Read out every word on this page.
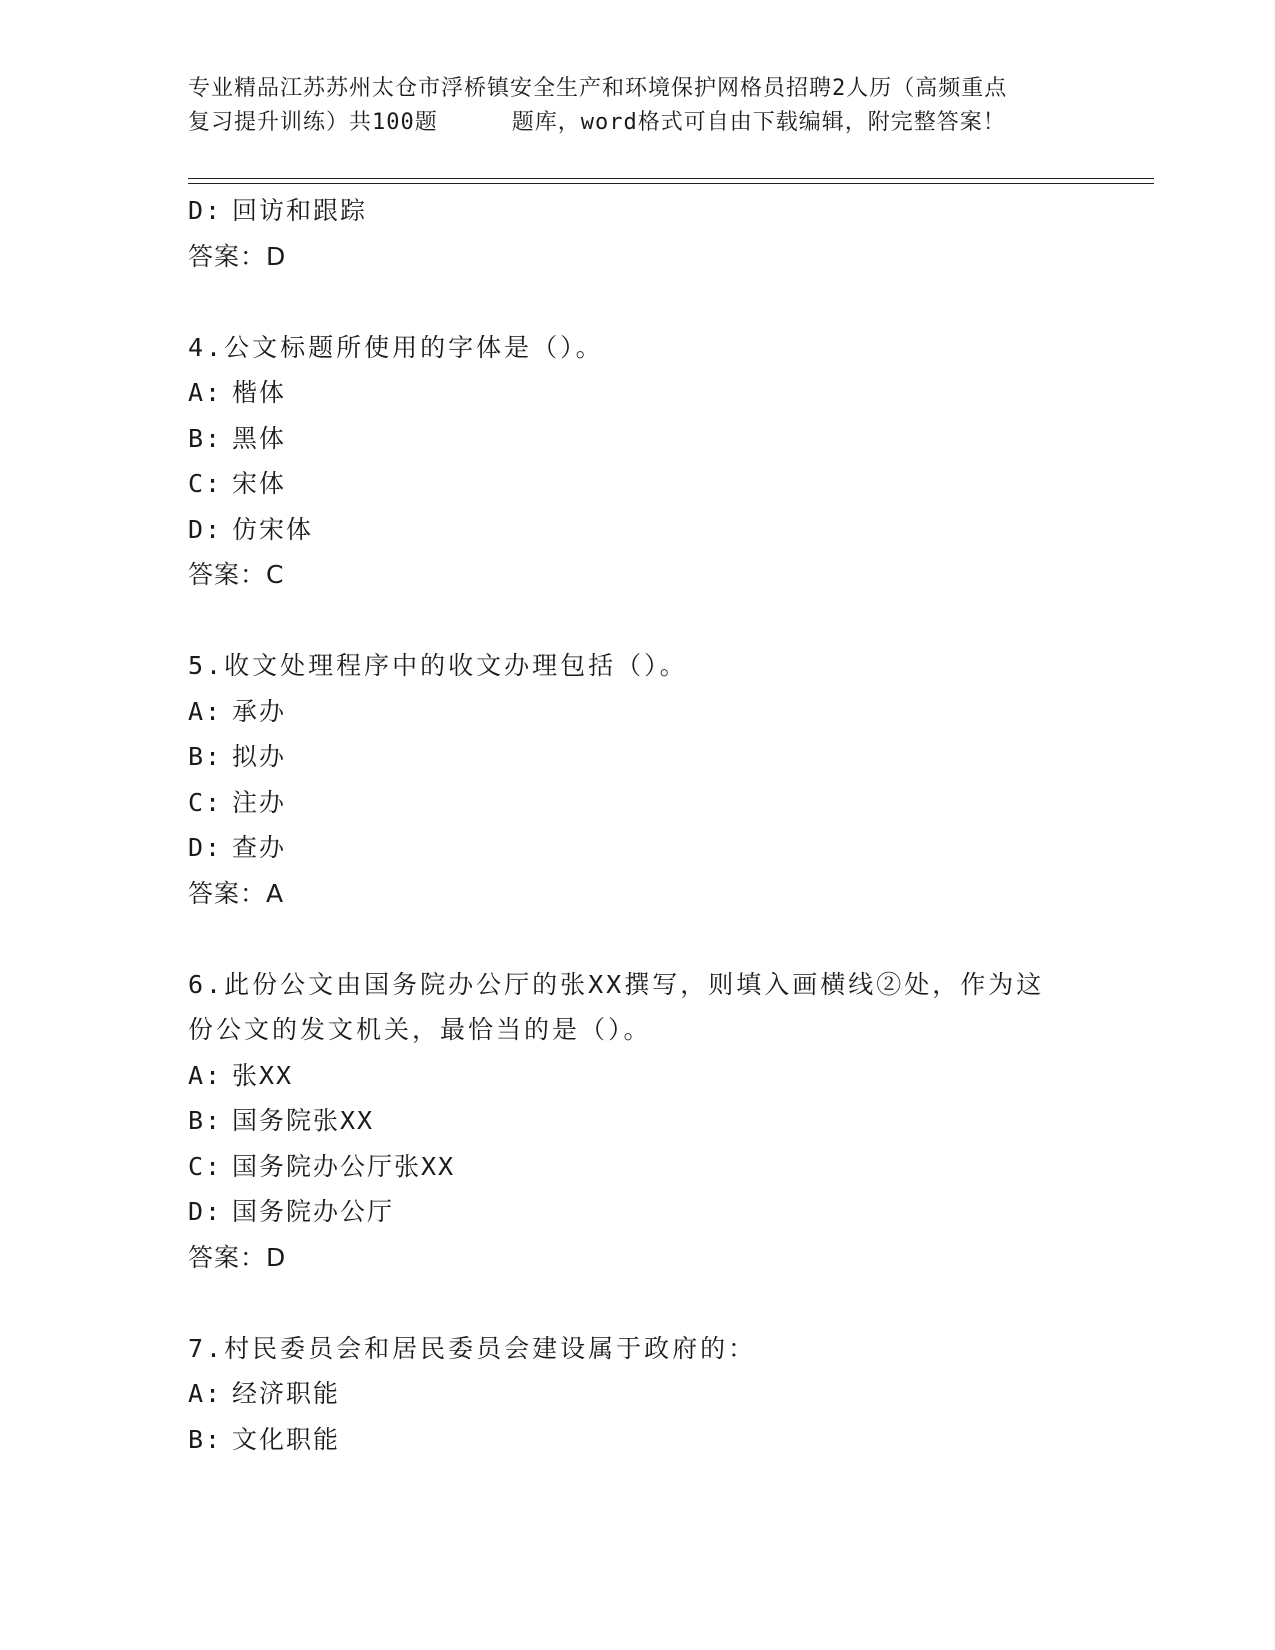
专业精品江苏苏州太仓市浮桥镇安全生产和环境保护网格员招聘2人历（高频重点
复习提升训练）共100题	题库，word格式可自由下载编辑，附完整答案！
D: 回访和跟踪
答案：D
4.公文标题所使用的字体是（）。
A: 楷体
B: 黑体
C: 宋体
D: 仿宋体
答案：C
5.收文处理程序中的收文办理包括（）。
A: 承办
B: 拟办
C: 注办
D: 查办
答案：A
6.此份公文由国务院办公厅的张XX撰写，则填入画横线②处，作为这
份公文的发文机关，最恰当的是（）。
A: 张XX
B: 国务院张XX
C: 国务院办公厅张XX
D: 国务院办公厅
答案：D
7.村民委员会和居民委员会建设属于政府的：
A: 经济职能
B: 文化职能
